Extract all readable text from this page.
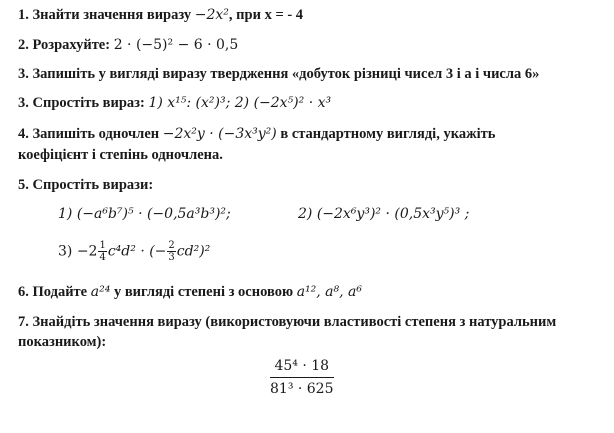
1. Знайти значення виразу −2x², при x = - 4
2. Розрахуйте: 2 · (−5)² − 6 · 0,5
3. Запишіть у вигляді виразу твердження «добуток різниці чисел 3 і a і числа 6»
3. Спростіть вираз: 1) x¹⁵: (x²)³; 2) (−2x⁵)² · x³
4. Запишіть одночлен −2x²y · (−3x³y²) в стандартному вигляді, укажіть
коефіцієнт і степінь одночлена.
5. Спростіть вирази:
1) (−a⁶b⁷)⁵ · (−0,5a³b³)²;	2) (−2x⁶y³)² · (0,5x³y⁵)³ ;
$3) -2 \frac{1}{4} c^4d^2$ · (− $\frac{2}{3} cd^2)^2$
6. Подайте a²⁴ у вигляді степені з основою a¹², a⁸, a⁶
7. Знайдіть значення виразу (використовуючи властивості степеня з натуральним
показником):
$\frac{\text{45⁴ · 18}}{\text{81³ · 625}}$
